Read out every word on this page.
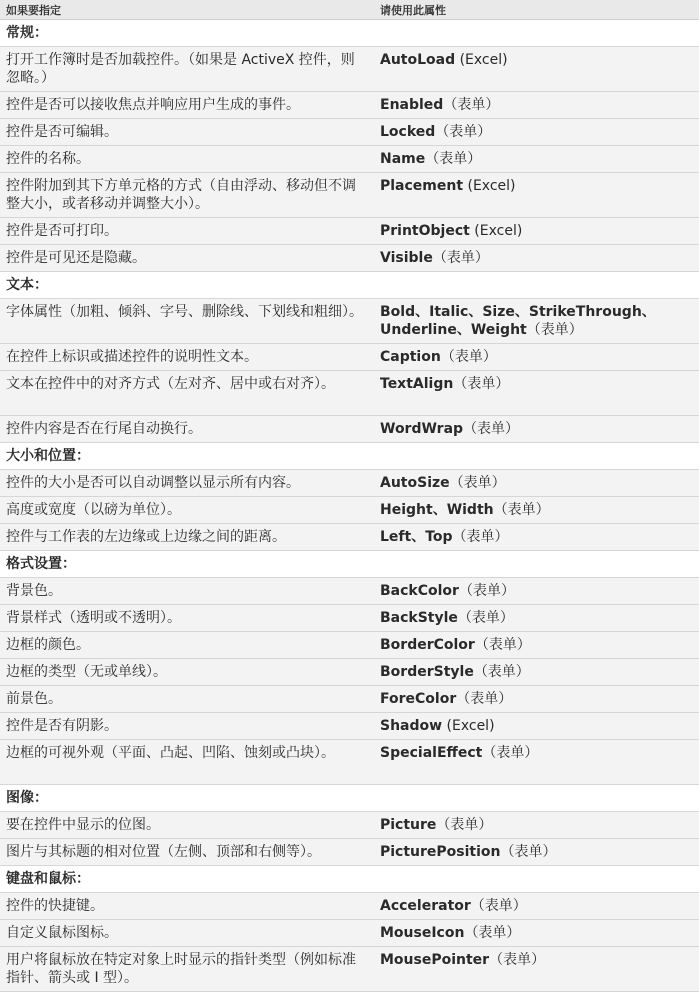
如果要指定	请使用此属性
常规：	
打开工作簿时是否加载控件。（如果是 ActiveX 控件，则忽略。）	AutoLoad (Excel)
控件是否可以接收焦点并响应用户生成的事件。	Enabled（表单）
控件是否可编辑。	Locked（表单）
控件的名称。	Name（表单）
控件附加到其下方单元格的方式（自由浮动、移动但不调整大小，或者移动并调整大小）。	Placement (Excel)
控件是否可打印。	PrintObject (Excel)
控件是可见还是隐藏。	Visible（表单）
文本：	
字体属性（加粗、倾斜、字号、删除线、下划线和粗细）。	Bold、Italic、Size、StrikeThrough、Underline、Weight（表单）
在控件上标识或描述控件的说明性文本。	Caption（表单）
文本在控件中的对齐方式（左对齐、居中或右对齐）。	TextAlign（表单）
控件内容是否在行尾自动换行。	WordWrap（表单）
大小和位置：	
控件的大小是否可以自动调整以显示所有内容。	AutoSize（表单）
高度或宽度（以磅为单位）。	Height、Width（表单）
控件与工作表的左边缘或上边缘之间的距离。	Left、Top（表单）
格式设置：	
背景色。	BackColor（表单）
背景样式（透明或不透明）。	BackStyle（表单）
边框的颜色。	BorderColor（表单）
边框的类型（无或单线）。	BorderStyle（表单）
前景色。	ForeColor（表单）
控件是否有阴影。	Shadow (Excel)
边框的可视外观（平面、凸起、凹陷、蚀刻或凸块）。	SpecialEffect（表单）
图像：	
要在控件中显示的位图。	Picture（表单）
图片与其标题的相对位置（左侧、顶部和右侧等）。	PicturePosition（表单）
键盘和鼠标：	
控件的快捷键。	Accelerator（表单）
自定义鼠标图标。	MouseIcon（表单）
用户将鼠标放在特定对象上时显示的指针类型（例如标准指针、箭头或 I 型）。	MousePointer（表单）
